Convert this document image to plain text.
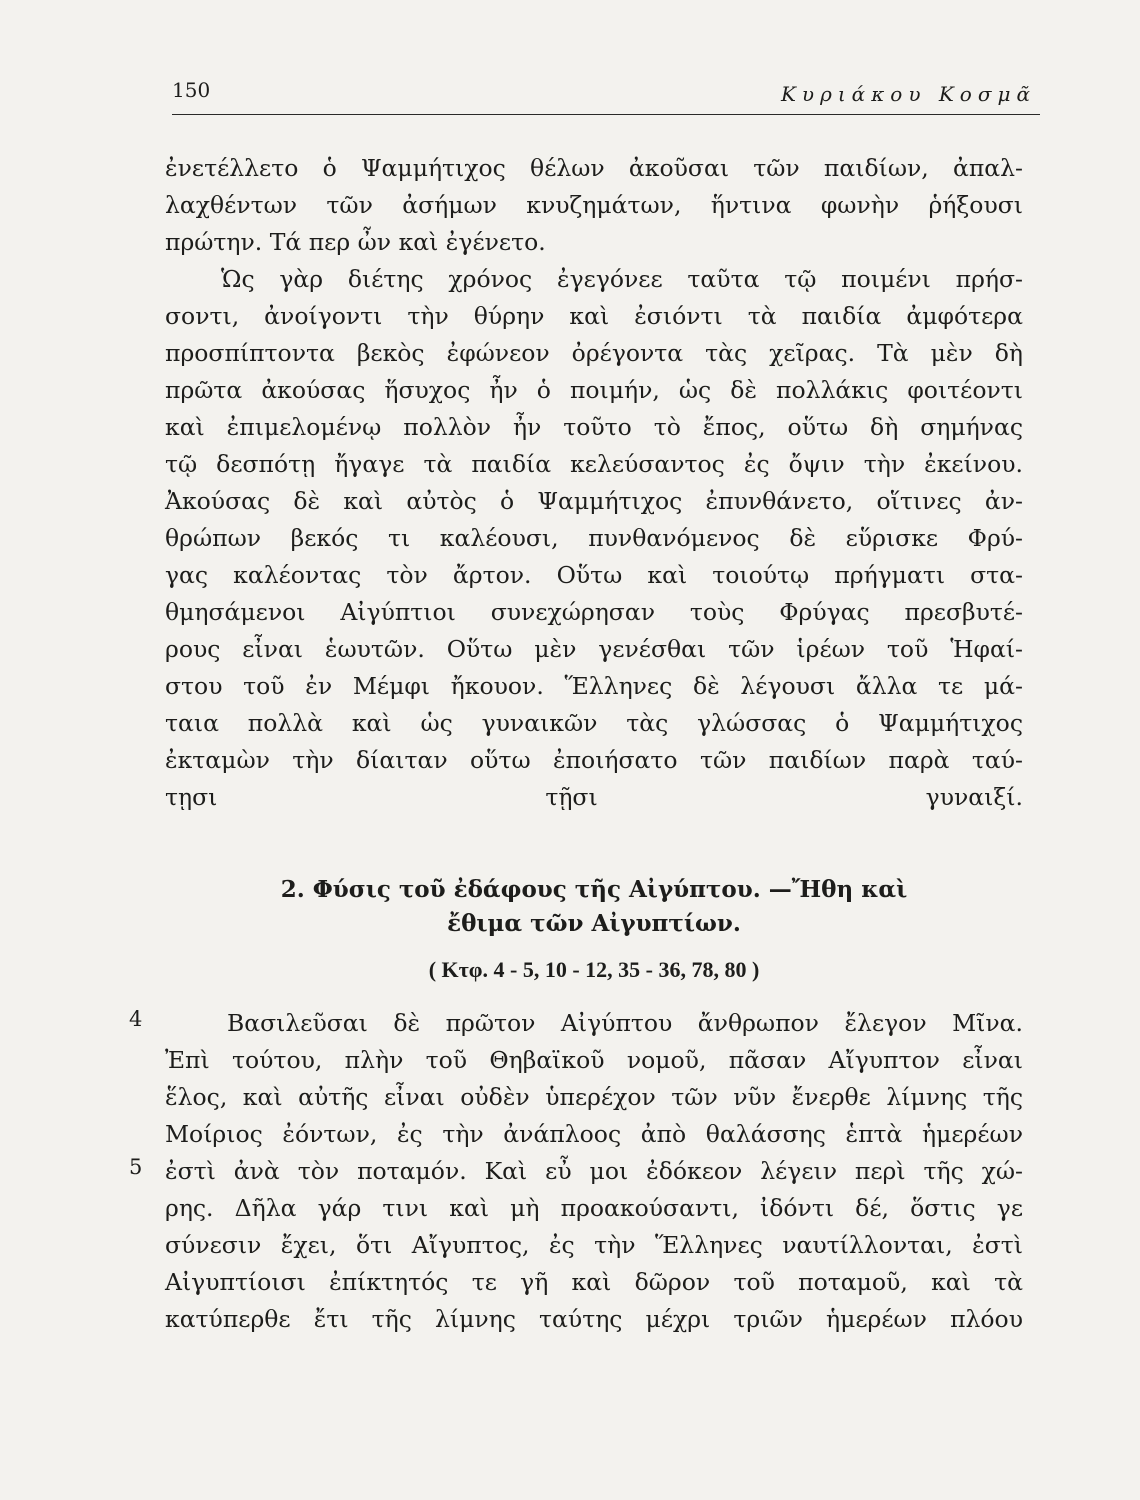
150	Κυριάκου Κοσμᾶ
ἐνετέλλετο ὁ Ψαμμήτιχος θέλων ἀκοῦσαι τῶν παιδίων, ἀπαλ-
λαχθέντων τῶν ἀσήμων κνυζημάτων, ἥντινα φωνὴν ῥήξουσι
πρώτην. Τά περ ὦν καὶ ἐγένετο.
Ὡς γὰρ διέτης χρόνος ἐγεγόνεε ταῦτα τῷ ποιμένι πρήσ-
σοντι, ἀνοίγοντι τὴν θύρην καὶ ἐσιόντι τὰ παιδία ἀμφότερα
προσπίπτοντα βεκὸς ἐφώνεον ὀρέγοντα τὰς χεῖρας. Τὰ μὲν δὴ
πρῶτα ἀκούσας ἥσυχος ἦν ὁ ποιμήν, ὡς δὲ πολλάκις φοιτέοντι
καὶ ἐπιμελομένῳ πολλὸν ἦν τοῦτο τὸ ἔπος, οὕτω δὴ σημήνας
τῷ δεσπότῃ ἤγαγε τὰ παιδία κελεύσαντος ἐς ὄψιν τὴν ἐκείνου.
Ἀκούσας δὲ καὶ αὐτὸς ὁ Ψαμμήτιχος ἐπυνθάνετο, οἵτινες ἀν-
θρώπων βεκός τι καλέουσι, πυνθανόμενος δὲ εὕρισκε Φρύ-
γας καλέοντας τὸν ἄρτον. Οὕτω καὶ τοιούτῳ πρήγματι στα-
θμησάμενοι Αἰγύπτιοι συνεχώρησαν τοὺς Φρύγας πρεσβυτέ-
ρους εἶναι ἑωυτῶν. Οὕτω μὲν γενέσθαι τῶν ἱρέων τοῦ Ἡφαί-
στου τοῦ ἐν Μέμφι ἤκουον. Ἕλληνες δὲ λέγουσι ἄλλα τε μά-
ταια πολλὰ καὶ ὡς γυναικῶν τὰς γλώσσας ὁ Ψαμμήτιχος
ἐκταμὼν τὴν δίαιταν οὕτω ἐποιήσατο τῶν παιδίων παρὰ ταύ-
τῃσι τῇσι γυναιξί.
2. Φύσις τοῦ ἐδάφους τῆς Αἰγύπτου. —Ἤθη καὶ
ἔθιμα τῶν Αἰγυπτίων.
( Κτφ. 4 - 5, 10 - 12, 35 - 36, 78, 80 )
4	Βασιλεῦσαι δὲ πρῶτον Αἰγύπτου ἄνθρωπον ἔλεγον Μῖνα.
Ἐπὶ τούτου, πλὴν τοῦ Θηβαϊκοῦ νομοῦ, πᾶσαν Αἴγυπτον εἶναι
ἕλος, καὶ αὐτῆς εἶναι οὐδὲν ὑπερέχον τῶν νῦν ἔνερθε λίμνης τῆς
Μοίριος ἐόντων, ἐς τὴν ἀνάπλοος ἀπὸ θαλάσσης ἑπτὰ ἡμερέων
5 ἐστὶ ἀνὰ τὸν ποταμόν. Καὶ εὖ μοι ἐδόκεον λέγειν περὶ τῆς χώ-
ρης. Δῆλα γάρ τινι καὶ μὴ προακούσαντι, ἰδόντι δέ, ὅστις γε
σύνεσιν ἔχει, ὅτι Αἴγυπτος, ἐς τὴν Ἕλληνες ναυτίλλονται, ἐστὶ
Αἰγυπτίοισι ἐπίκτητός τε γῆ καὶ δῶρον τοῦ ποταμοῦ, καὶ τὰ
κατύπερθε ἔτι τῆς λίμνης ταύτης μέχρι τριῶν ἡμερέων πλόου
